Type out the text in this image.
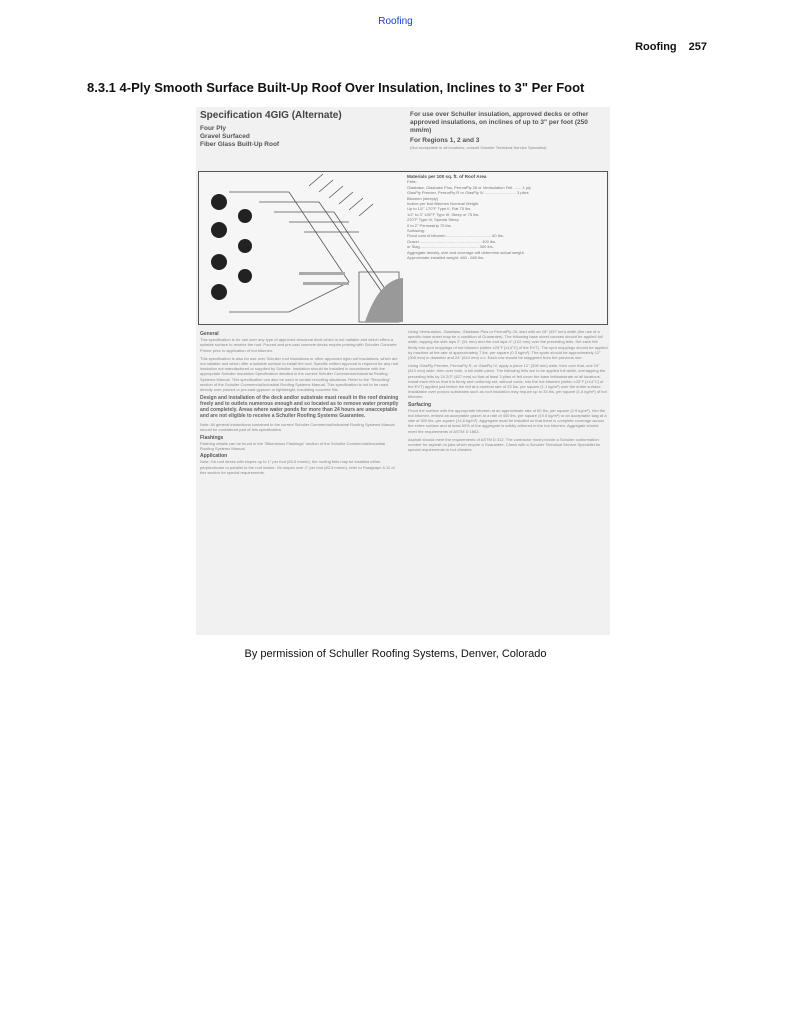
Roofing
Roofing 257
8.3.1 4-Ply Smooth Surface Built-Up Roof Over Insulation, Inclines to 3" Per Foot
Specification 4GIG (Alternate)
Four Ply
Gravel Surfaced
Fiber Glass Built-Up Roof
For use over Schuller insulation, approved decks or other approved insulations, on inclines of up to 3" per foot (250 mm/m)
For Regions 1, 2 and 3
(Not acceptable in all locations, consult Schuller Technical Service Specialist)
Materials per 100 sq. ft. of Roof Area
Felts:
Glasbase, Glasbase Plus, PermaPly 28 or Ventsulation Felt ....... 1 ply
GlasPly Premier, PermaPly R or GlasPly IV ............................ 3 plies
Bitumen (steeply)
Incline per foot Bitumen Nominal Weight
Up to 1/2" 170°F Type II, Flat 75 lbs.
1/2" to 3" 190°F Type III, Steep or 75 lbs.
220°F Type IV, Special Steep
0 to 2" Permastrip 75 lbs.
Surfacing:
Flood coat of bitumen ........................................ 60 lbs.
Gravel ....................................................... 400 lbs.
or Slag .................................................... 300 lbs.
Aggregate density, size and coverage will determine actual weight.
Approximate installed weight: 460 - 665 lbs.
General

This specification is for use over any type of approved structural deck which is not nailable and which offers a suitable surface to receive the roof. Poured and pre-cast concrete decks require priming with Schuller Concrete Primer prior to application of hot bitumen.

This specification is also for use over Schuller roof insulations or other approved rigid roof insulations, which are not nailable and which offer a suitable surface to install the roof. Specific written approval is required for any roof insulation not manufactured or supplied by Schuller. Insulation should be installed in accordance with the appropriate Schuller Insulation Specification detailed in the current Schuller Commercial/Industrial Roofing Systems Manual. This specification can also be used in certain reroofing situations. Refer to the "Reroofing" section of the Schuller Commercial/Industrial Roofing Systems Manual. This specification is not to be used directly over poured or pre-cast gypsum or lightweight, insulating concrete fills.

Design and installation of the deck and/or substrate must result in the roof draining freely and to outlets numerous enough and so located as to remove water promptly and completely. Areas where water ponds for more than 24 hours are unacceptable and are not eligible to receive a Schuller Roofing Systems Guarantee.

Note: All general instructions contained in the current Schuller Commercial/Industrial Roofing Systems Manual should be considered part of this specification.

Flashings

Flashing details can be found in the "Bituminous Flashings" section of the Schuller Commercial/Industrial Roofing Systems Manual.

Application

Note: On roof decks with slopes up to 1" per foot (83.3 mm/m), the roofing felts may be installed either perpendicular or parallel to the roof incline. On slopes over 1" per foot (83.3 mm/m), refer to Paragraph 6.11 of this section for special requirements.

Using Ventsulation, Glasbase, Glasbase Plus or PermaPly 28, start with an 18" (457 mm) width (the use of a specific base sheet may be a condition of Guarantee). The following base sheet courses should be applied full width, lapping the side laps 2" (51 mm) and the end laps 4" (102 mm) over the preceding felts. Set each felt firmly into spot moppings of hot bitumen (within ±25°F [±14°C] of the EVT). The spot moppings should be applied by machine at the rate of approximately 7 lbs. per square (0.3 kg/m²). The spots should be approximately 12" (305 mm) in diameter and 24" (610 mm) o.c. Each row should be staggered from the previous one.

Using GlasPly Premier, PermaPly R, or GlasPly IV, apply a piece 12" (305 mm) wide, then over that, one 24" (610 mm) wide, then over both, a full width piece. The following felts are to be applied full width, overlapping the preceding felts by 24 2/3" (627 mm) so that at least 3 plies of felt cover the base felt/substrate at all locations. Install each felt so that it is firmly and uniformly set, without voids, into the hot bitumen (within ±25°F [±14°C] of the EVT) applied just before the felt at a nominal rate of 23 lbs. per square (1.1 kg/m²) over the entire surface. Installation over porous substrates such as roof insulation may require up to 33 lbs. per square (1.6 kg/m²) of hot bitumen.

Surfacing

Flood the surface with the appropriate bitumen at an approximate rate of 60 lbs. per square (2.9 kg/m²). Into the hot bitumen, embed an acceptable gravel at a rate of 400 lbs. per square (19.5 kg/m²) or an acceptable slag at a rate of 300 lbs. per square (14.6 kg/m²). Aggregate must be installed so that there is complete coverage across the entire surface and at least 50% of the aggregate is solidly adhered in the hot bitumen. Aggregate should meet the requirements of ASTM D 1863.

Asphalt should meet the requirements of ASTM D 312. The contractor must provide a Schuller conformation number for asphalt on jobs which require a Guarantee. Check with a Schuller Technical Service Specialist for special requirements in hot climates.

By permission of Schuller Roofing Systems, Denver, Colorado
